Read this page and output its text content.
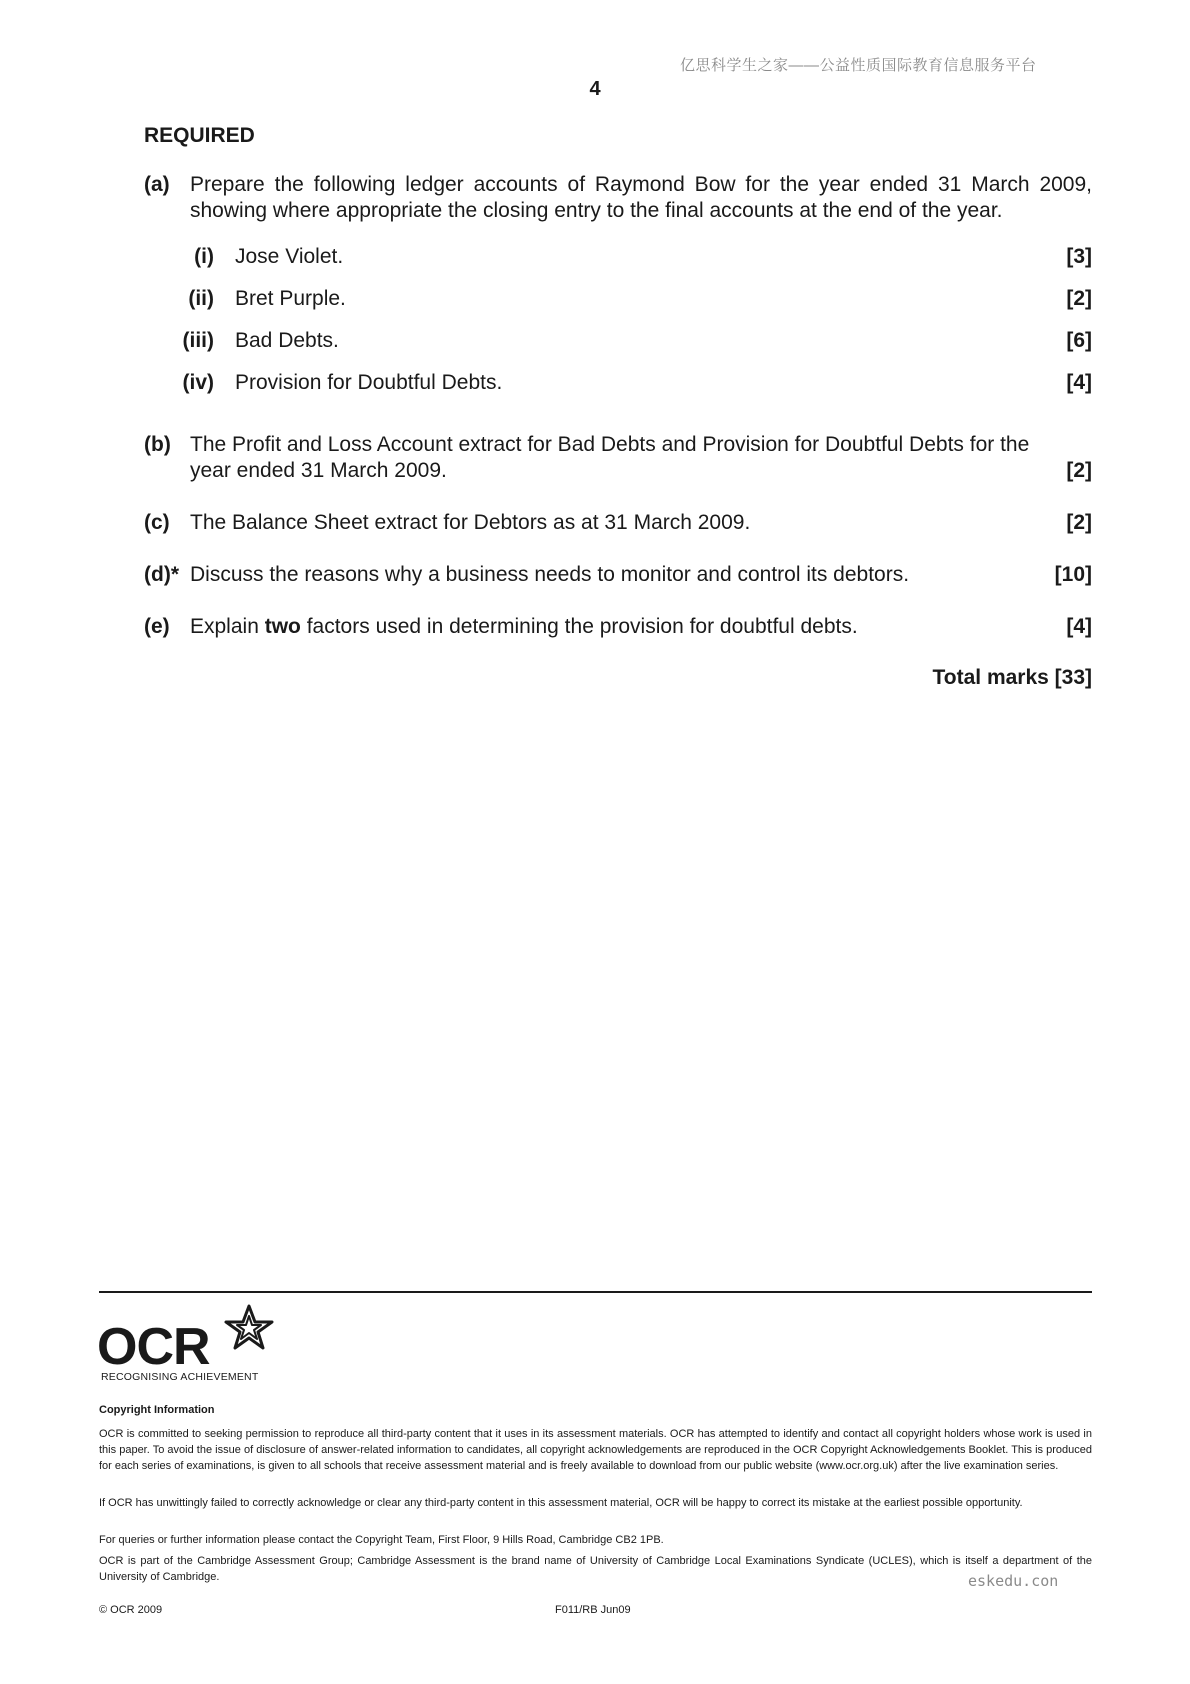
亿思科学生之家——公益性质国际教育信息服务平台
4
REQUIRED
(a) Prepare the following ledger accounts of Raymond Bow for the year ended 31 March 2009, showing where appropriate the closing entry to the final accounts at the end of the year.
(i) Jose Violet.	[3]
(ii) Bret Purple.	[2]
(iii) Bad Debts.	[6]
(iv) Provision for Doubtful Debts.	[4]
(b) The Profit and Loss Account extract for Bad Debts and Provision for Doubtful Debts for the year ended 31 March 2009.	[2]
(c) The Balance Sheet extract for Debtors as at 31 March 2009.	[2]
(d)* Discuss the reasons why a business needs to monitor and control its debtors.	[10]
(e) Explain two factors used in determining the provision for doubtful debts.	[4]
Total marks [33]
OCR
RECOGNISING ACHIEVEMENT
Copyright Information
OCR is committed to seeking permission to reproduce all third-party content that it uses in its assessment materials. OCR has attempted to identify and contact all copyright holders whose work is used in this paper. To avoid the issue of disclosure of answer-related information to candidates, all copyright acknowledgements are reproduced in the OCR Copyright Acknowledgements Booklet. This is produced for each series of examinations, is given to all schools that receive assessment material and is freely available to download from our public website (www.ocr.org.uk) after the live examination series.
If OCR has unwittingly failed to correctly acknowledge or clear any third-party content in this assessment material, OCR will be happy to correct its mistake at the earliest possible opportunity.
For queries or further information please contact the Copyright Team, First Floor, 9 Hills Road, Cambridge CB2 1PB.
OCR is part of the Cambridge Assessment Group; Cambridge Assessment is the brand name of University of Cambridge Local Examinations Syndicate (UCLES), which is itself a department of the University of Cambridge.	eskedu.con
© OCR 2009	F011/RB Jun09
